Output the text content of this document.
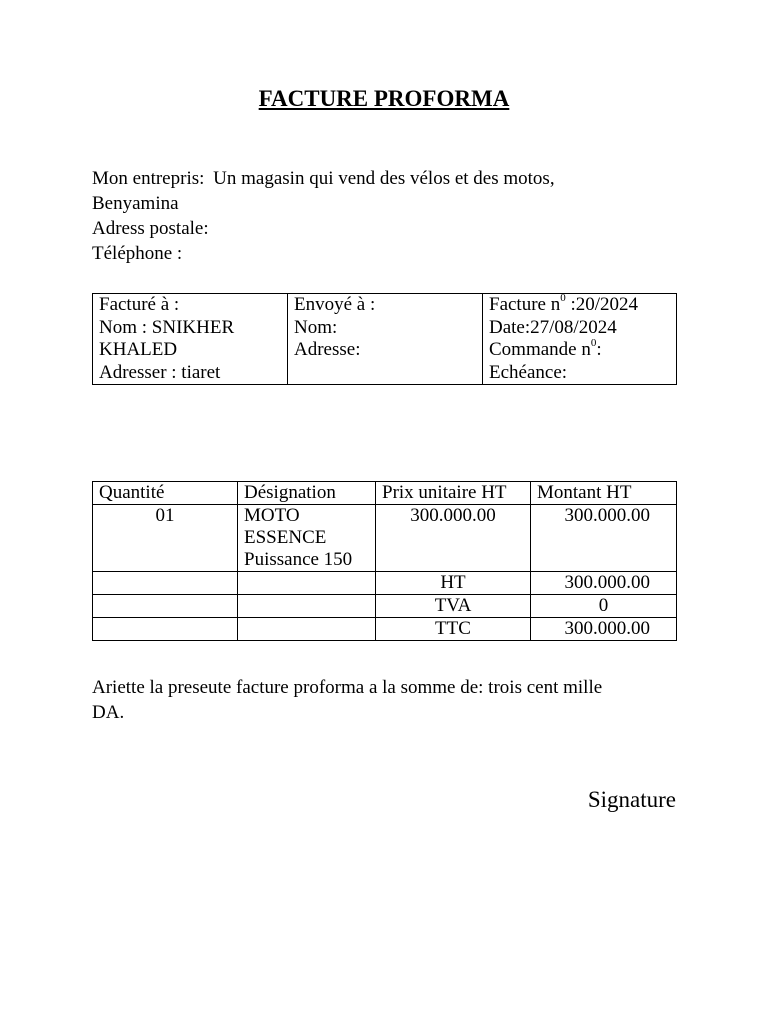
FACTURE PROFORMA
Mon entrepris: Un magasin qui vend des vélos et des motos,
Benyamina
Adress postale:
Téléphone :
Facturé à :
Nom : SNIKHER
KHALED
Adresser : tiaret

Envoyé à :
Nom:
Adresse:

Facture $n^0$ :20/2024
Date:27/08/2024
Commande $n^0$:
Echéance:
Quantité	Désignation	Prix unitaire HT	Montant HT
01	MOTO
ESSENCE
Puissance 150	300.000.00	300.000.00
		HT	300.000.00
		TVA	0
		TTC	300.000.00
Ariette la preseute facture proforma a la somme de: trois cent mille
DA.
Signature
